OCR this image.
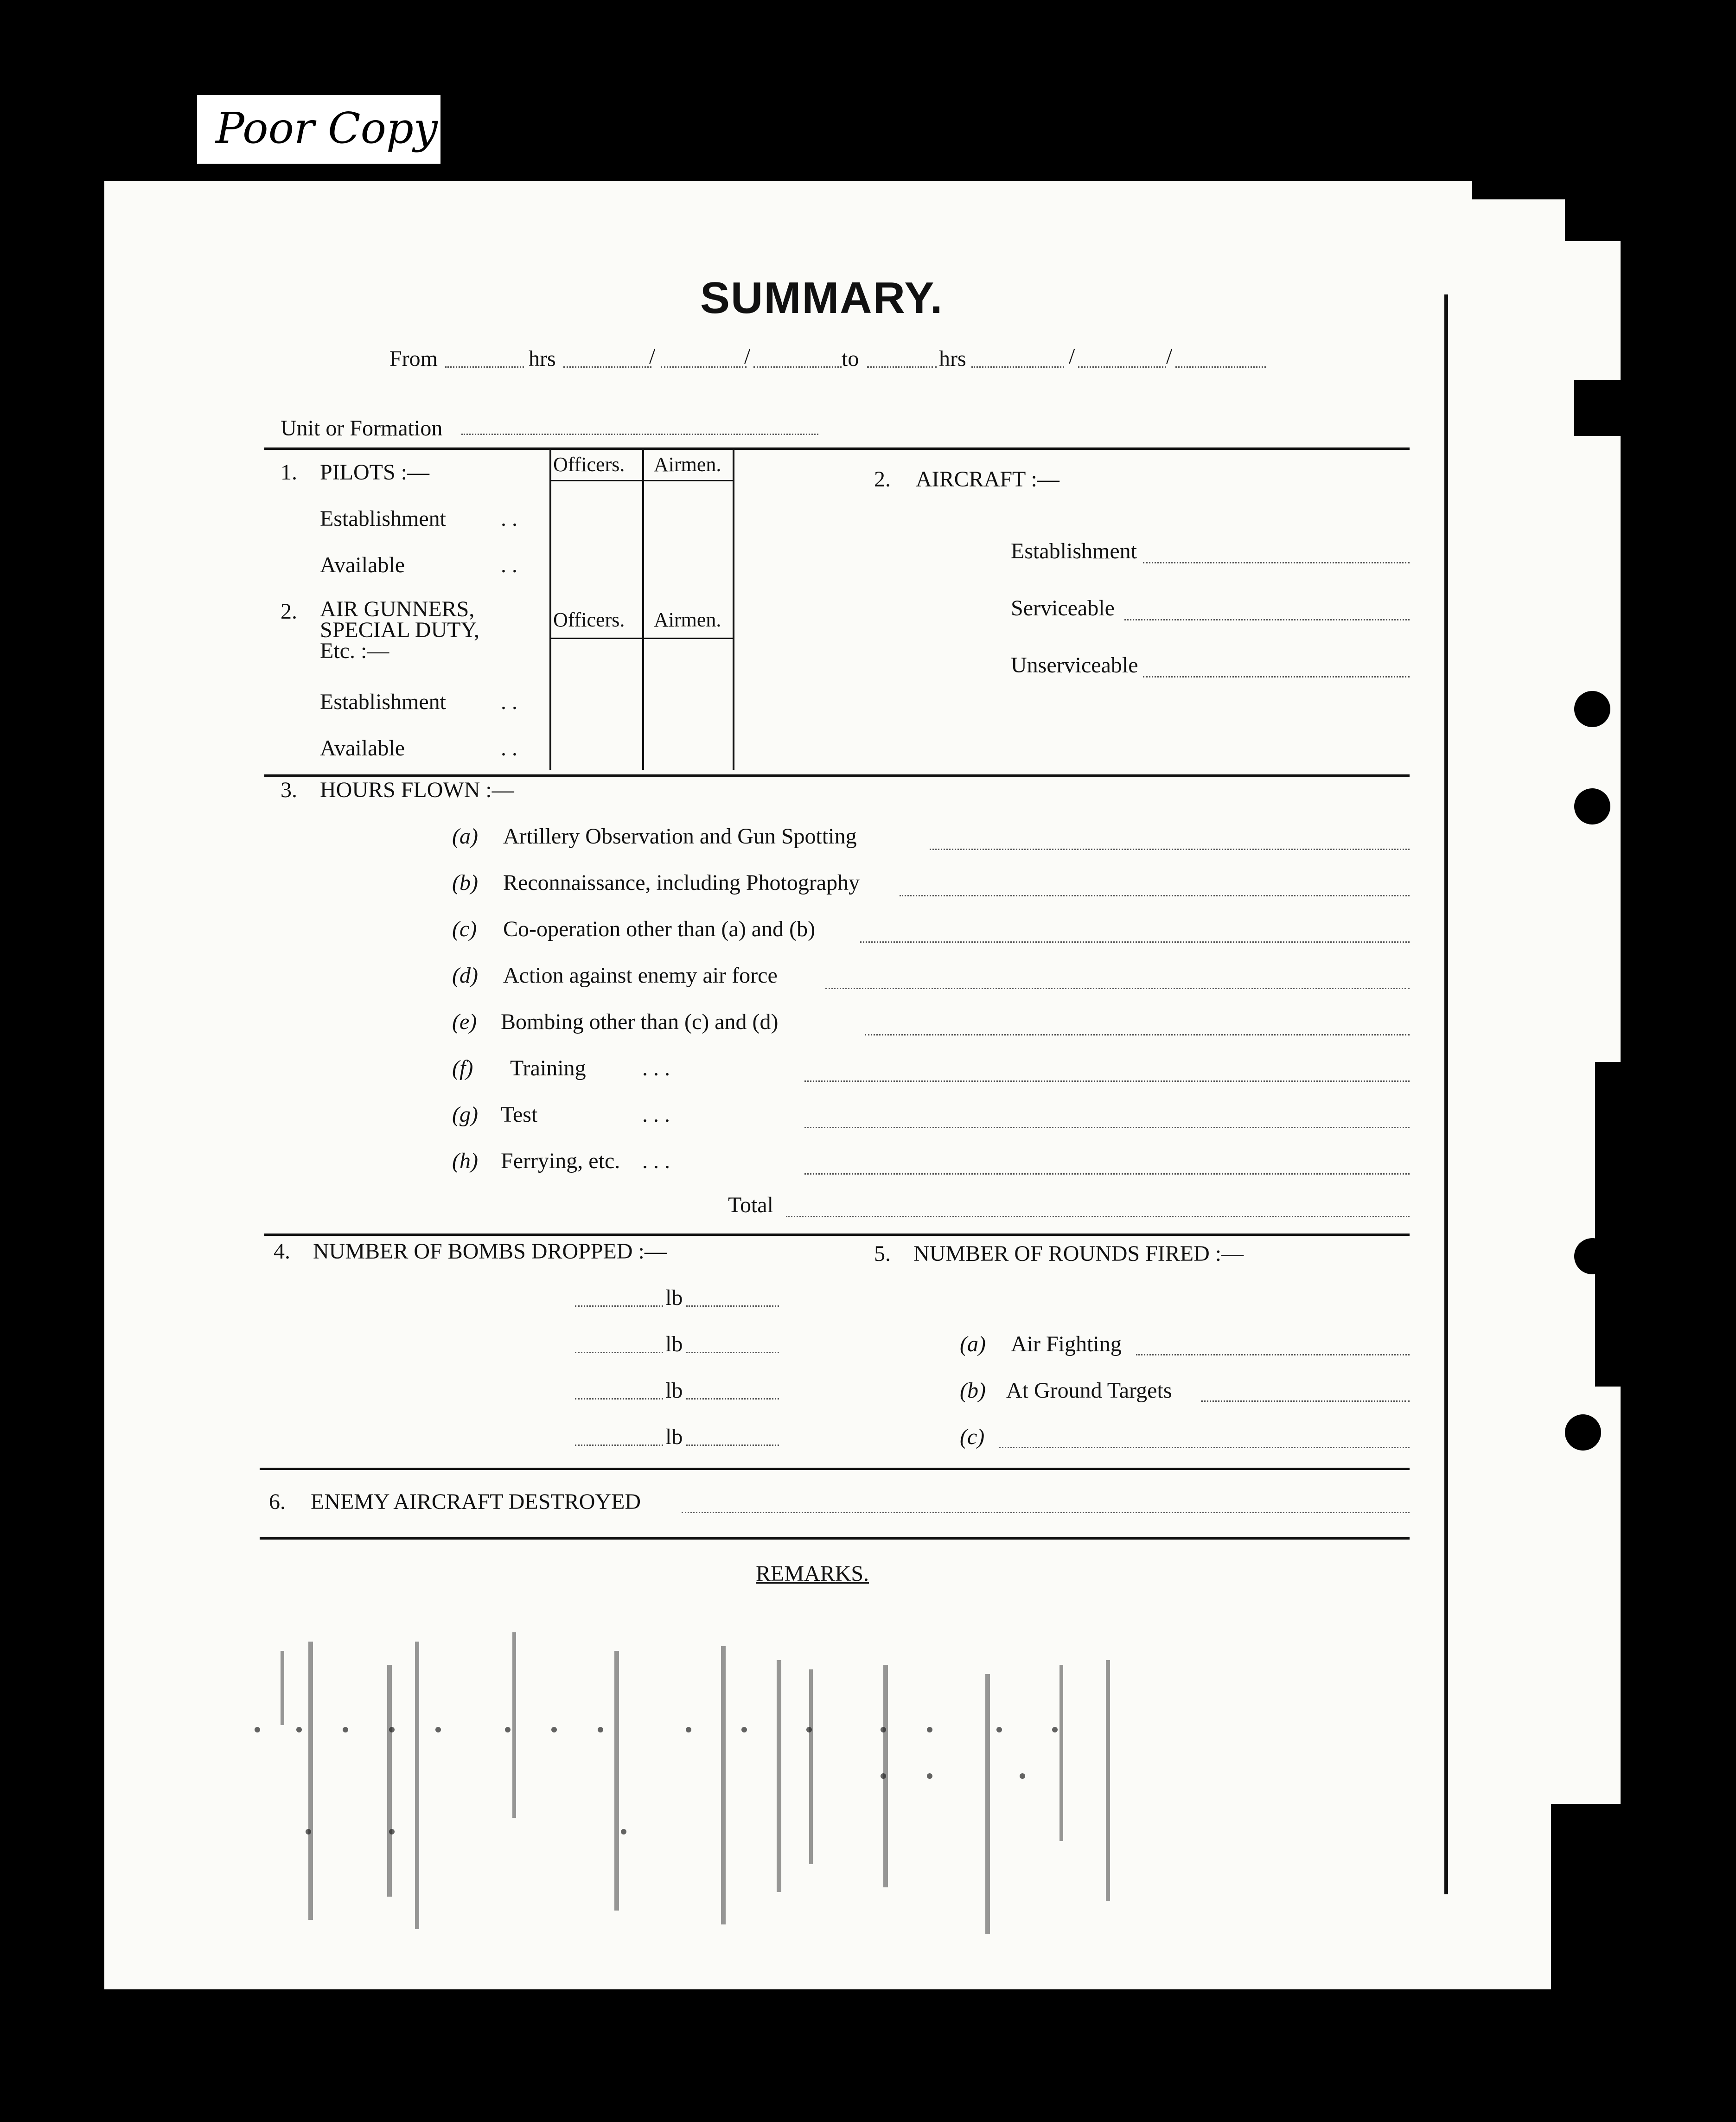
Poor Copy
SUMMARY.
From	hrs	/	/	to	hrs	/	/
Unit or Formation
1. PILOTS :—	Officers. Airmen.
Establishment . .
Available	. .
2. AIR GUNNERS,
SPECIAL DUTY,
Etc. :—
Officers. Airmen.
Establishment . .
Available	. .
2. AIRCRAFT :—
Establishment
Serviceable
Unserviceable
3. HOURS FLOWN :—
(a) Artillery Observation and Gun Spotting
(b) Reconnaissance, including Photography
(c) Co-operation other than (a) and (b)
(d) Action against enemy air force
(e) Bombing other than (c) and (d)
(f) Training	. . .
(g) Test	. . .
(h) Ferrying, etc. . . .
Total
4. NUMBER OF BOMBS DROPPED :—
lb
lb
lb
lb
5. NUMBER OF ROUNDS FIRED :—
(a) Air Fighting
(b) At Ground Targets
(c)
6. ENEMY AIRCRAFT DESTROYED
REMARKS.
